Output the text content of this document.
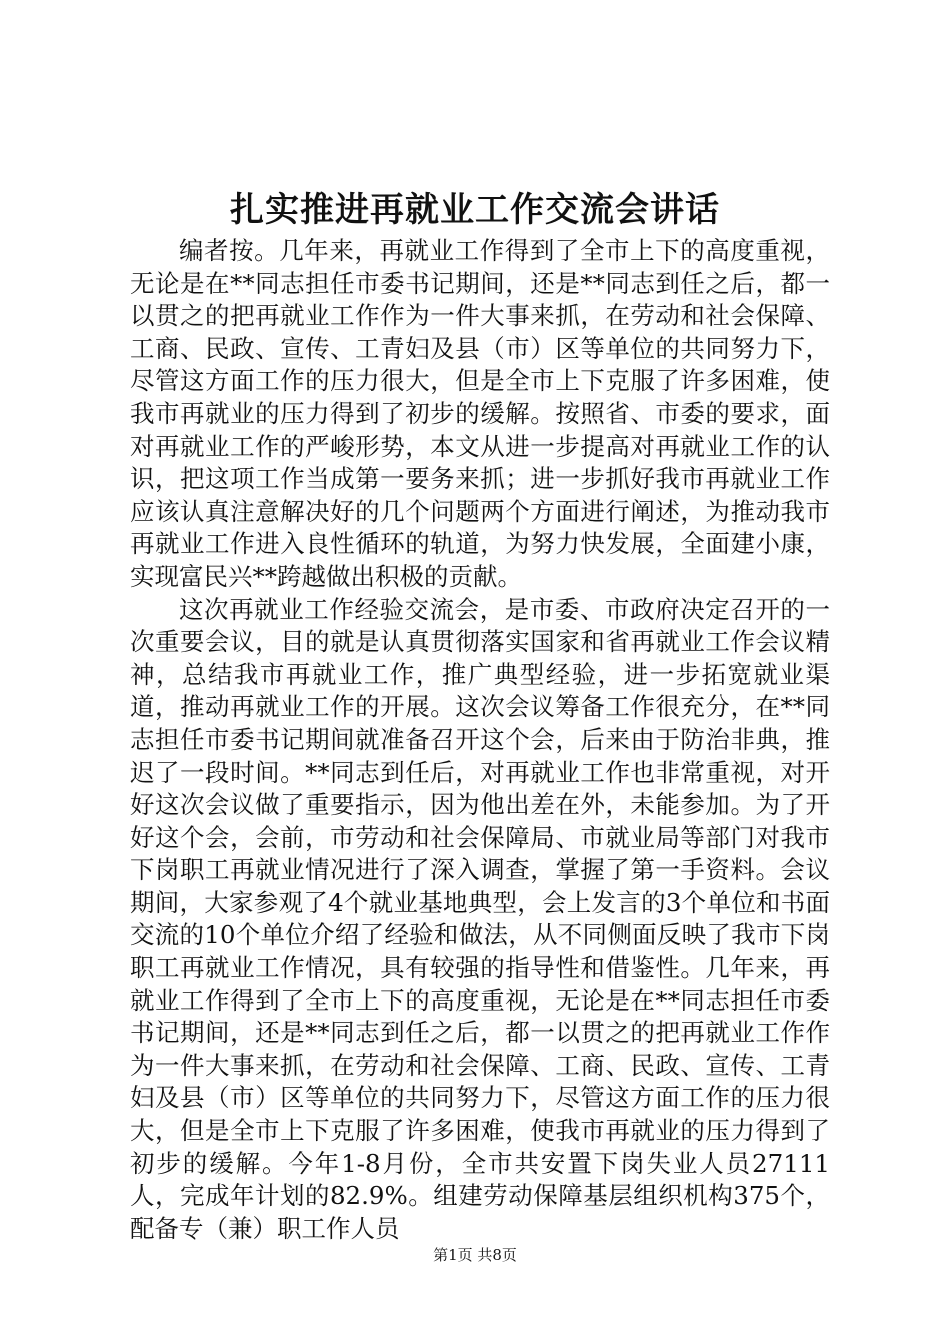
扎实推进再就业工作交流会讲话

编者按。几年来，再就业工作得到了全市上下的高度重视，无论是在**同志担任市委书记期间，还是**同志到任之后，都一以贯之的把再就业工作作为一件大事来抓，在劳动和社会保障、工商、民政、宣传、工青妇及县（市）区等单位的共同努力下，尽管这方面工作的压力很大，但是全市上下克服了许多困难，使我市再就业的压力得到了初步的缓解。按照省、市委的要求，面对再就业工作的严峻形势，本文从进一步提高对再就业工作的认识，把这项工作当成第一要务来抓；进一步抓好我市再就业工作应该认真注意解决好的几个问题两个方面进行阐述，为推动我市再就业工作进入良性循环的轨道，为努力快发展，全面建小康，实现富民兴**跨越做出积极的贡献。

这次再就业工作经验交流会，是市委、市政府决定召开的一次重要会议，目的就是认真贯彻落实国家和省再就业工作会议精神，总结我市再就业工作，推广典型经验，进一步拓宽就业渠道，推动再就业工作的开展。这次会议筹备工作很充分，在**同志担任市委书记期间就准备召开这个会，后来由于防治非典，推迟了一段时间。**同志到任后，对再就业工作也非常重视，对开好这次会议做了重要指示，因为他出差在外，未能参加。为了开好这个会，会前，市劳动和社会保障局、市就业局等部门对我市下岗职工再就业情况进行了深入调查，掌握了第一手资料。会议期间，大家参观了4个就业基地典型，会上发言的3个单位和书面交流的10个单位介绍了经验和做法，从不同侧面反映了我市下岗职工再就业工作情况，具有较强的指导性和借鉴性。几年来，再就业工作得到了全市上下的高度重视，无论是在**同志担任市委书记期间，还是**同志到任之后，都一以贯之的把再就业工作作为一件大事来抓，在劳动和社会保障、工商、民政、宣传、工青妇及县（市）区等单位的共同努力下，尽管这方面工作的压力很大，但是全市上下克服了许多困难，使我市再就业的压力得到了初步的缓解。今年1-8月份，全市共安置下岗失业人员27111人，完成年计划的82.9%。组建劳动保障基层组织机构375个，配备专（兼）职工作人员

第1页 共8页
